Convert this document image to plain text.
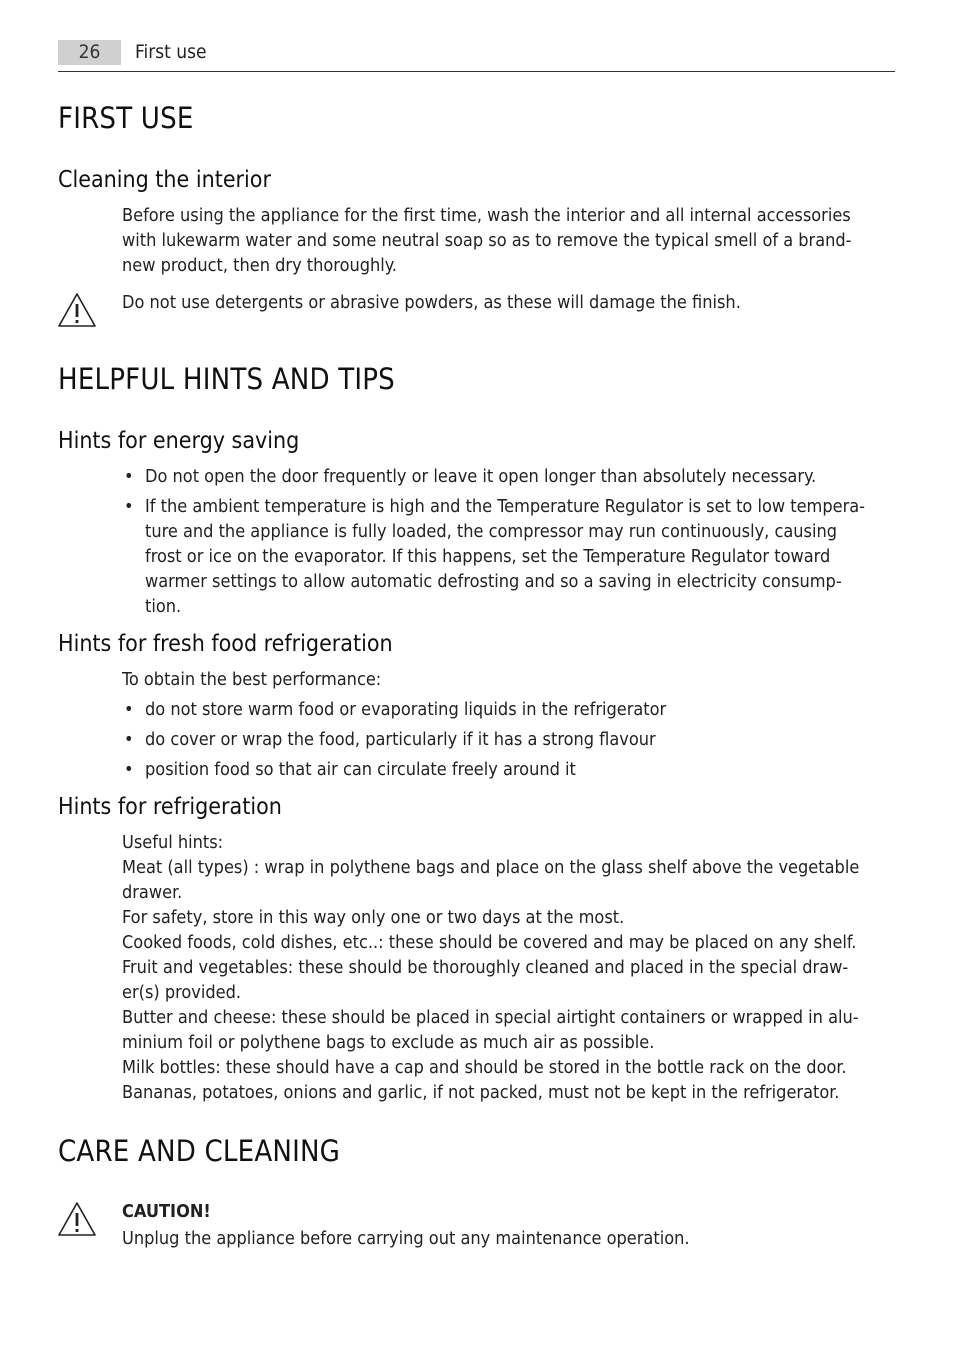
26	First use
FIRST USE
Cleaning the interior

Before using the appliance for the first time, wash the interior and all internal accessories
with lukewarm water and some neutral soap so as to remove the typical smell of a brand-
new product, then dry thoroughly.

Do not use detergents or abrasive powders, as these will damage the finish.

HELPFUL HINTS AND TIPS
Hints for energy saving
• Do not open the door frequently or leave it open longer than absolutely necessary.
• If the ambient temperature is high and the Temperature Regulator is set to low tempera-
ture and the appliance is fully loaded, the compressor may run continuously, causing
frost or ice on the evaporator. If this happens, set the Temperature Regulator toward
warmer settings to allow automatic defrosting and so a saving in electricity consump-
tion.
Hints for fresh food refrigeration

To obtain the best performance:

• do not store warm food or evaporating liquids in the refrigerator
• do cover or wrap the food, particularly if it has a strong flavour
• position food so that air can circulate freely around it
Hints for refrigeration

Useful hints:
Meat (all types) : wrap in polythene bags and place on the glass shelf above the vegetable
drawer.
For safety, store in this way only one or two days at the most.
Cooked foods, cold dishes, etc..: these should be covered and may be placed on any shelf.
Fruit and vegetables: these should be thoroughly cleaned and placed in the special draw-
er(s) provided.
Butter and cheese: these should be placed in special airtight containers or wrapped in alu-
minium foil or polythene bags to exclude as much air as possible.
Milk bottles: these should have a cap and should be stored in the bottle rack on the door.
Bananas, potatoes, onions and garlic, if not packed, must not be kept in the refrigerator.

CARE AND CLEANING

CAUTION!
Unplug the appliance before carrying out any maintenance operation.
